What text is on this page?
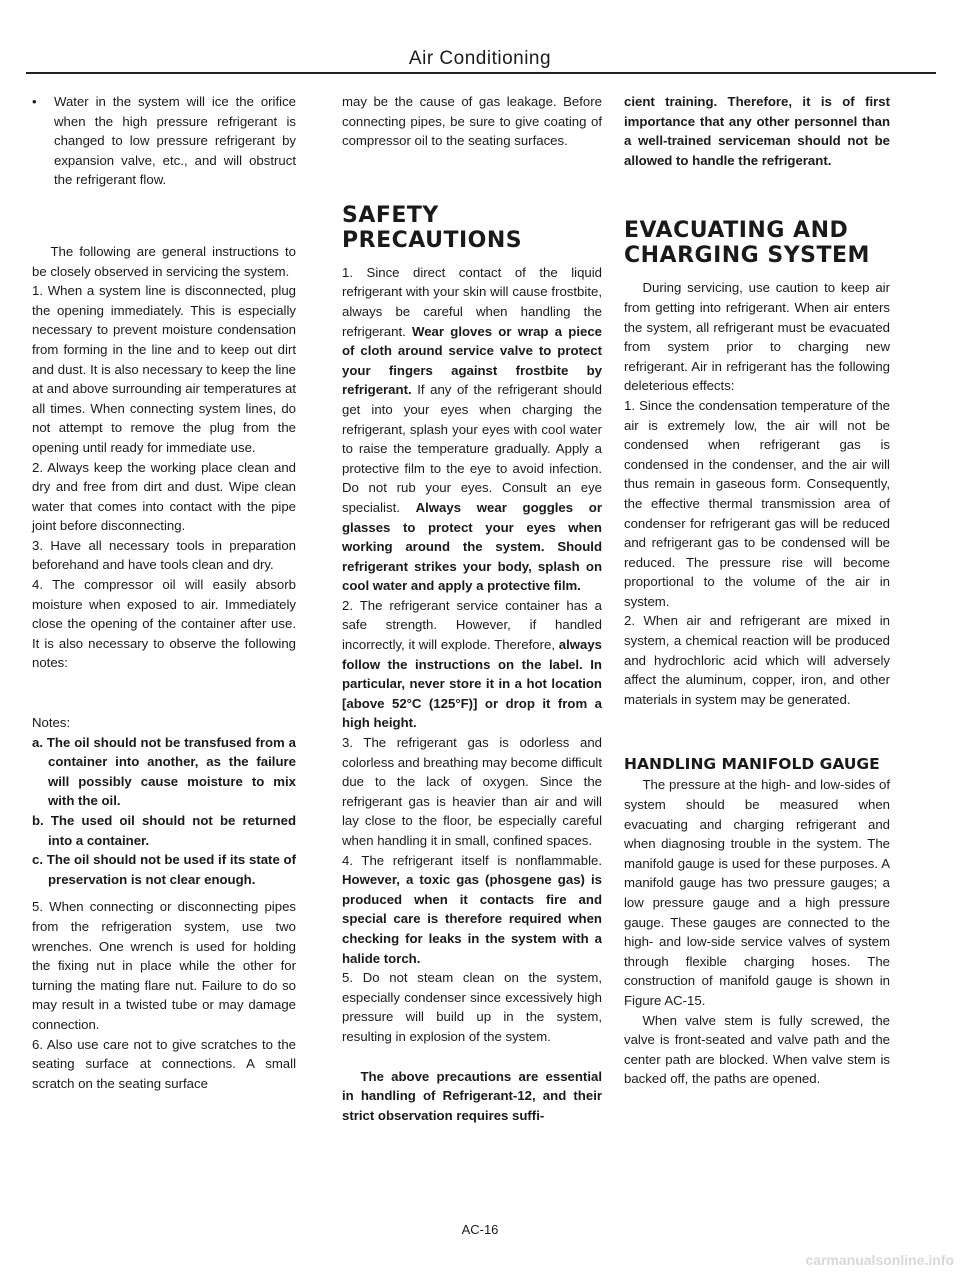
Air Conditioning

• Water in the system will ice the orifice when the high pressure refrigerant is changed to low pressure refrigerant by expansion valve, etc., and will obstruct the refrigerant flow.

The following are general instructions to be closely observed in servicing the system.

1. When a system line is disconnected, plug the opening immediately. This is especially necessary to prevent moisture condensation from forming in the line and to keep out dirt and dust. It is also necessary to keep the line at and above surrounding air temperatures at all times. When connecting system lines, do not attempt to remove the plug from the opening until ready for immediate use.

2. Always keep the working place clean and dry and free from dirt and dust. Wipe clean water that comes into contact with the pipe joint before disconnecting.

3. Have all necessary tools in preparation beforehand and have tools clean and dry.

4. The compressor oil will easily absorb moisture when exposed to air. Immediately close the opening of the container after use. It is also necessary to observe the following notes:

Notes:

a. The oil should not be transfused from a container into another, as the failure will possibly cause moisture to mix with the oil.

b. The used oil should not be returned into a container.

c. The oil should not be used if its state of preservation is not clear enough.

5. When connecting or disconnecting pipes from the refrigeration system, use two wrenches. One wrench is used for holding the fixing nut in place while the other for turning the mating flare nut. Failure to do so may result in a twisted tube or may damage connection.

6. Also use care not to give scratches to the seating surface at connections. A small scratch on the seating surface

may be the cause of gas leakage. Before connecting pipes, be sure to give coating of compressor oil to the seating surfaces.

SAFETY PRECAUTIONS

1. Since direct contact of the liquid refrigerant with your skin will cause frostbite, always be careful when handling the refrigerant. Wear gloves or wrap a piece of cloth around service valve to protect your fingers against frostbite by refrigerant. If any of the refrigerant should get into your eyes when charging the refrigerant, splash your eyes with cool water to raise the temperature gradually. Apply a protective film to the eye to avoid infection. Do not rub your eyes. Consult an eye specialist. Always wear goggles or glasses to protect your eyes when working around the system. Should refrigerant strikes your body, splash on cool water and apply a protective film.

2. The refrigerant service container has a safe strength. However, if handled incorrectly, it will explode. Therefore, always follow the instructions on the label. In particular, never store it in a hot location [above 52°C (125°F)] or drop it from a high height.

3. The refrigerant gas is odorless and colorless and breathing may become difficult due to the lack of oxygen. Since the refrigerant gas is heavier than air and will lay close to the floor, be especially careful when handling it in small, confined spaces.

4. The refrigerant itself is nonflammable. However, a toxic gas (phosgene gas) is produced when it contacts fire and special care is therefore required when checking for leaks in the system with a halide torch.

5. Do not steam clean on the system, especially condenser since excessively high pressure will build up in the system, resulting in explosion of the system.

The above precautions are essential in handling of Refrigerant-12, and their strict observation requires suffi-

cient training. Therefore, it is of first importance that any other personnel than a well-trained serviceman should not be allowed to handle the refrigerant.

EVACUATING AND CHARGING SYSTEM

During servicing, use caution to keep air from getting into refrigerant. When air enters the system, all refrigerant must be evacuated from system prior to charging new refrigerant. Air in refrigerant has the following deleterious effects:

1. Since the condensation temperature of the air is extremely low, the air will not be condensed when refrigerant gas is condensed in the condenser, and the air will thus remain in gaseous form. Consequently, the effective thermal transmission area of condenser for refrigerant gas will be reduced and refrigerant gas to be condensed will be reduced. The pressure rise will become proportional to the volume of the air in system.

2. When air and refrigerant are mixed in system, a chemical reaction will be produced and hydrochloric acid which will adversely affect the aluminum, copper, iron, and other materials in system may be generated.

HANDLING MANIFOLD GAUGE

The pressure at the high- and low-sides of system should be measured when evacuating and charging refrigerant and when diagnosing trouble in the system. The manifold gauge is used for these purposes. A manifold gauge has two pressure gauges; a low pressure gauge and a high pressure gauge. These gauges are connected to the high- and low-side service valves of system through flexible charging hoses. The construction of manifold gauge is shown in Figure AC-15.

When valve stem is fully screwed, the valve is front-seated and valve path and the center path are blocked. When valve stem is backed off, the paths are opened.

AC-16
carmanualsonline.info
